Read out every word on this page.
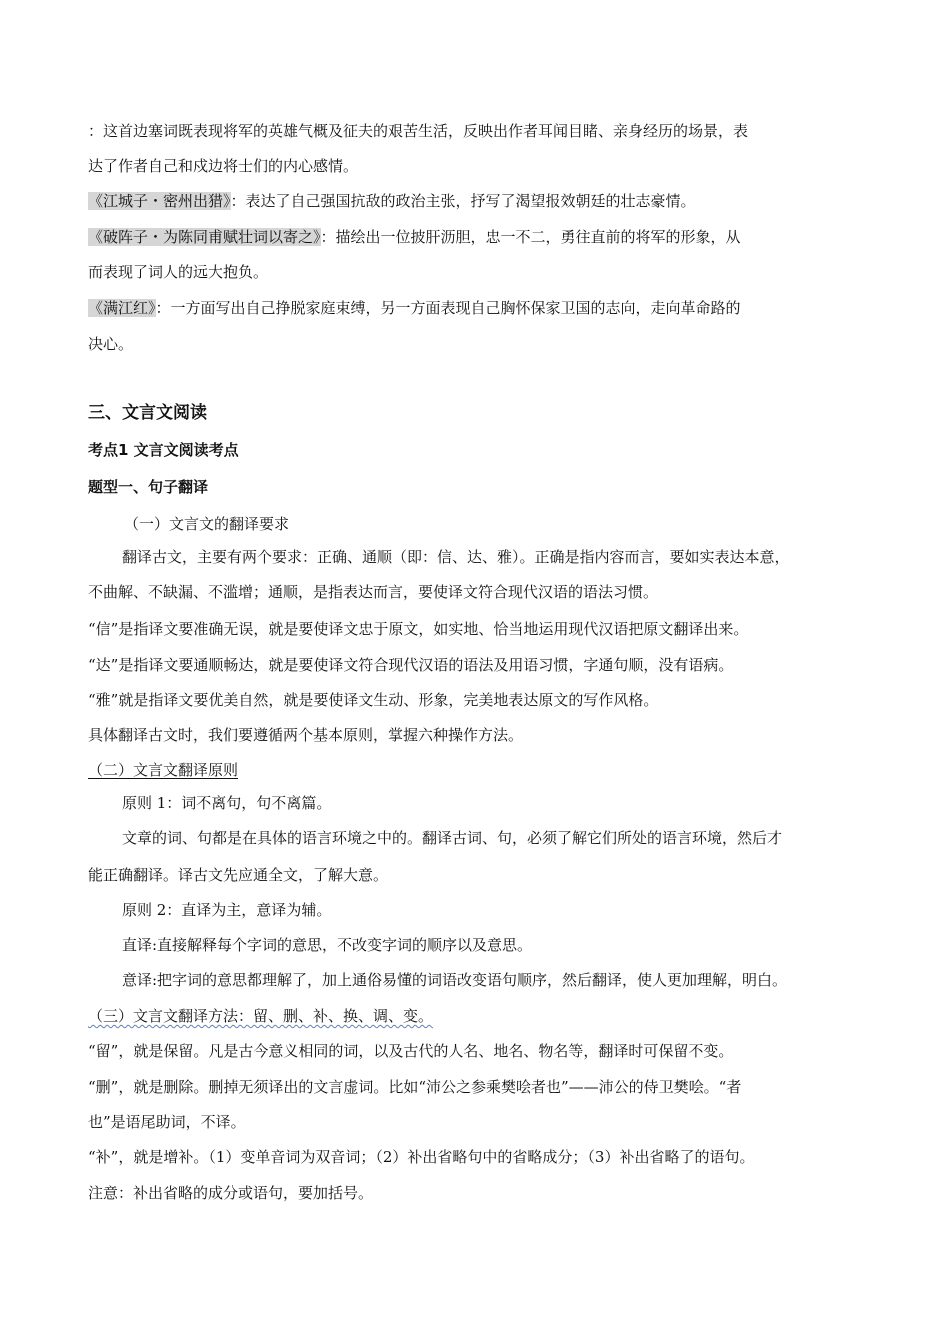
：这首边塞词既表现将军的英雄气概及征夫的艰苦生活，反映出作者耳闻目睹、亲身经历的场景，表
达了作者自己和戍边将士们的内心感情。
《江城子・密州出猎》：表达了自己强国抗敌的政治主张，抒写了渴望报效朝廷的壮志豪情。
《破阵子・为陈同甫赋壮词以寄之》：描绘出一位披肝沥胆，忠一不二，勇往直前的将军的形象，从
而表现了词人的远大抱负。
《满江红》：一方面写出自己挣脱家庭束缚，另一方面表现自己胸怀保家卫国的志向，走向革命路的
决心。
三、文言文阅读
考点1 文言文阅读考点
题型一、句子翻译
（一）文言文的翻译要求
翻译古文，主要有两个要求：正确、通顺（即：信、达、雅）。正确是指内容而言，要如实表达本意，
不曲解、不缺漏、不滥增；通顺，是指表达而言，要使译文符合现代汉语的语法习惯。
“信”是指译文要准确无误，就是要使译文忠于原文，如实地、恰当地运用现代汉语把原文翻译出来。
“达”是指译文要通顺畅达，就是要使译文符合现代汉语的语法及用语习惯，字通句顺，没有语病。
“雅”就是指译文要优美自然，就是要使译文生动、形象，完美地表达原文的写作风格。
具体翻译古文时，我们要遵循两个基本原则，掌握六种操作方法。
（二）文言文翻译原则
原则 1：词不离句，句不离篇。
文章的词、句都是在具体的语言环境之中的。翻译古词、句，必须了解它们所处的语言环境，然后才
能正确翻译。译古文先应通全文，了解大意。
原则 2：直译为主，意译为辅。
直译:直接解释每个字词的意思，不改变字词的顺序以及意思。
意译:把字词的意思都理解了，加上通俗易懂的词语改变语句顺序，然后翻译，使人更加理解，明白。
（三）文言文翻译方法：留、删、补、换、调、变。
“留”，就是保留。凡是古今意义相同的词，以及古代的人名、地名、物名等，翻译时可保留不变。
“删”，就是删除。删掉无须译出的文言虚词。比如“沛公之参乘樊哙者也”——沛公的侍卫樊哙。“者
也”是语尾助词，不译。
“补”，就是增补。（1）变单音词为双音词；（2）补出省略句中的省略成分；（3）补出省略了的语句。
注意：补出省略的成分或语句，要加括号。
